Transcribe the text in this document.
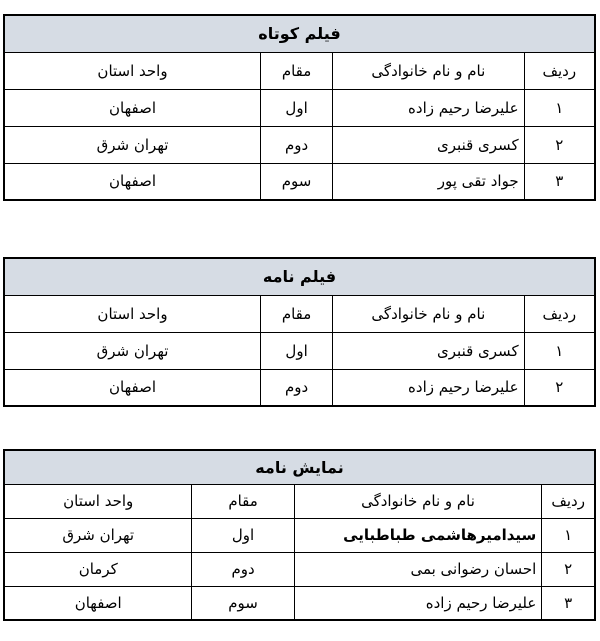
فیلم کوتاه			
ردیف	نام و نام خانوادگی	مقام	واحد استان
۱	علیرضا رحیم زاده	اول	اصفهان
۲	کسری قنبری	دوم	تهران شرق
۳	جواد تقی پور	سوم	اصفهان
فیلم نامه			
ردیف	نام و نام خانوادگی	مقام	واحد استان
۱	کسری قنبری	اول	تهران شرق
۲	علیرضا رحیم زاده	دوم	اصفهان
نمایش نامه			
ردیف	نام و نام خانوادگی	مقام	واحد استان
۱	سیدامیرهاشمی طباطبایی	اول	تهران شرق
۲	احسان رضوانی بمی	دوم	کرمان
۳	علیرضا رحیم زاده	سوم	اصفهان
